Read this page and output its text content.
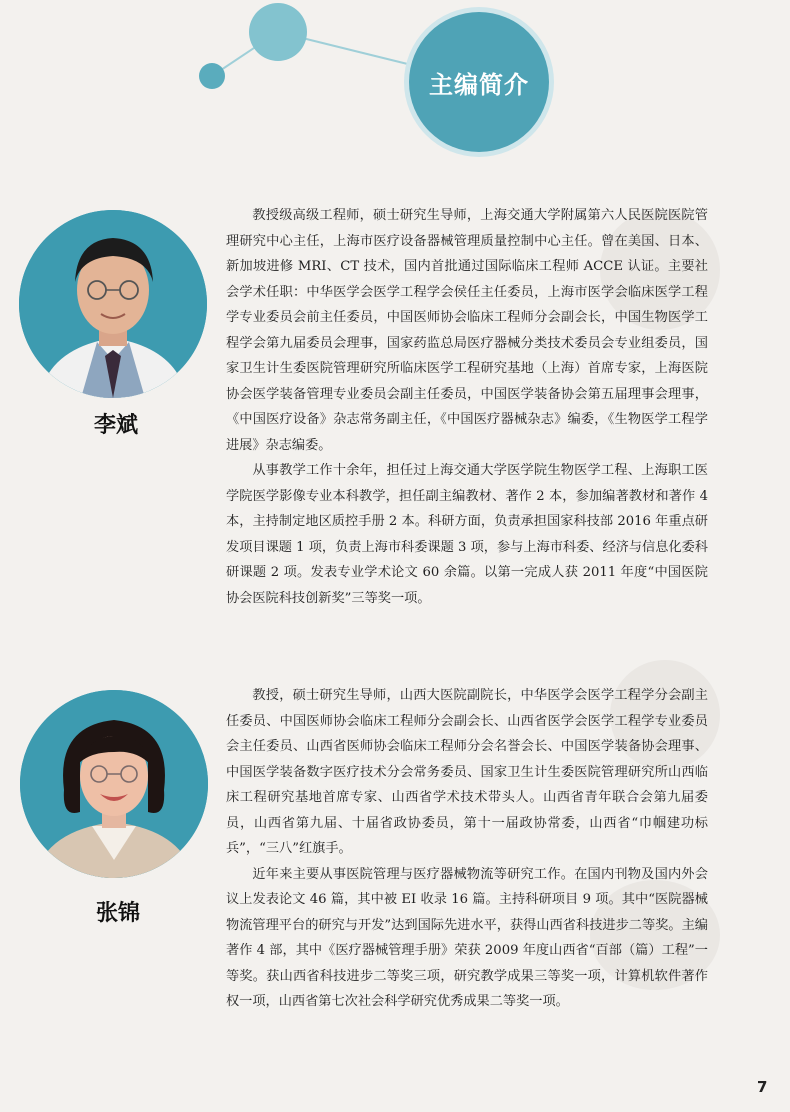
主编简介
李斌

教授级高级工程师，硕士研究生导师，上海交通大学附属第六人民医院医院管理研究中心主任，上海市医疗设备器械管理质量控制中心主任。曾在美国、日本、新加坡进修 MRI、CT 技术，国内首批通过国际临床工程师 ACCE 认证。主要社会学术任职：中华医学会医学工程学会侯任主任委员，上海市医学会临床医学工程学专业委员会前主任委员，中国医师协会临床工程师分会副会长，中国生物医学工程学会第九届委员会理事，国家药监总局医疗器械分类技术委员会专业组委员，国家卫生计生委医院管理研究所临床医学工程研究基地（上海）首席专家，上海医院协会医学装备管理专业委员会副主任委员，中国医学装备协会第五届理事会理事，《中国医疗设备》杂志常务副主任，《中国医疗器械杂志》编委，《生物医学工程学进展》杂志编委。

从事教学工作十余年，担任过上海交通大学医学院生物医学工程、上海职工医学院医学影像专业本科教学，担任副主编教材、著作 2 本，参加编著教材和著作 4 本，主持制定地区质控手册 2 本。科研方面，负责承担国家科技部 2016 年重点研发项目课题 1 项，负责上海市科委课题 3 项，参与上海市科委、经济与信息化委科研课题 2 项。发表专业学术论文 60 余篇。以第一完成人获 2011 年度“中国医院协会医院科技创新奖”三等奖一项。

张锦

教授，硕士研究生导师，山西大医院副院长，中华医学会医学工程学分会副主任委员、中国医师协会临床工程师分会副会长、山西省医学会医学工程学专业委员会主任委员、山西省医师协会临床工程师分会名誉会长、中国医学装备协会理事、中国医学装备数字医疗技术分会常务委员、国家卫生计生委医院管理研究所山西临床工程研究基地首席专家、山西省学术技术带头人。山西省青年联合会第九届委员，山西省第九届、十届省政协委员，第十一届政协常委，山西省“巾帼建功标兵”，“三八”红旗手。

近年来主要从事医院管理与医疗器械物流等研究工作。在国内刊物及国内外会议上发表论文 46 篇，其中被 EI 收录 16 篇。主持科研项目 9 项。其中“医院器械物流管理平台的研究与开发”达到国际先进水平，获得山西省科技进步二等奖。主编著作 4 部，其中《医疗器械管理手册》荣获 2009 年度山西省“百部（篇）工程”一等奖。获山西省科技进步二等奖三项，研究教学成果三等奖一项，计算机软件著作权一项，山西省第七次社会科学研究优秀成果二等奖一项。

7
